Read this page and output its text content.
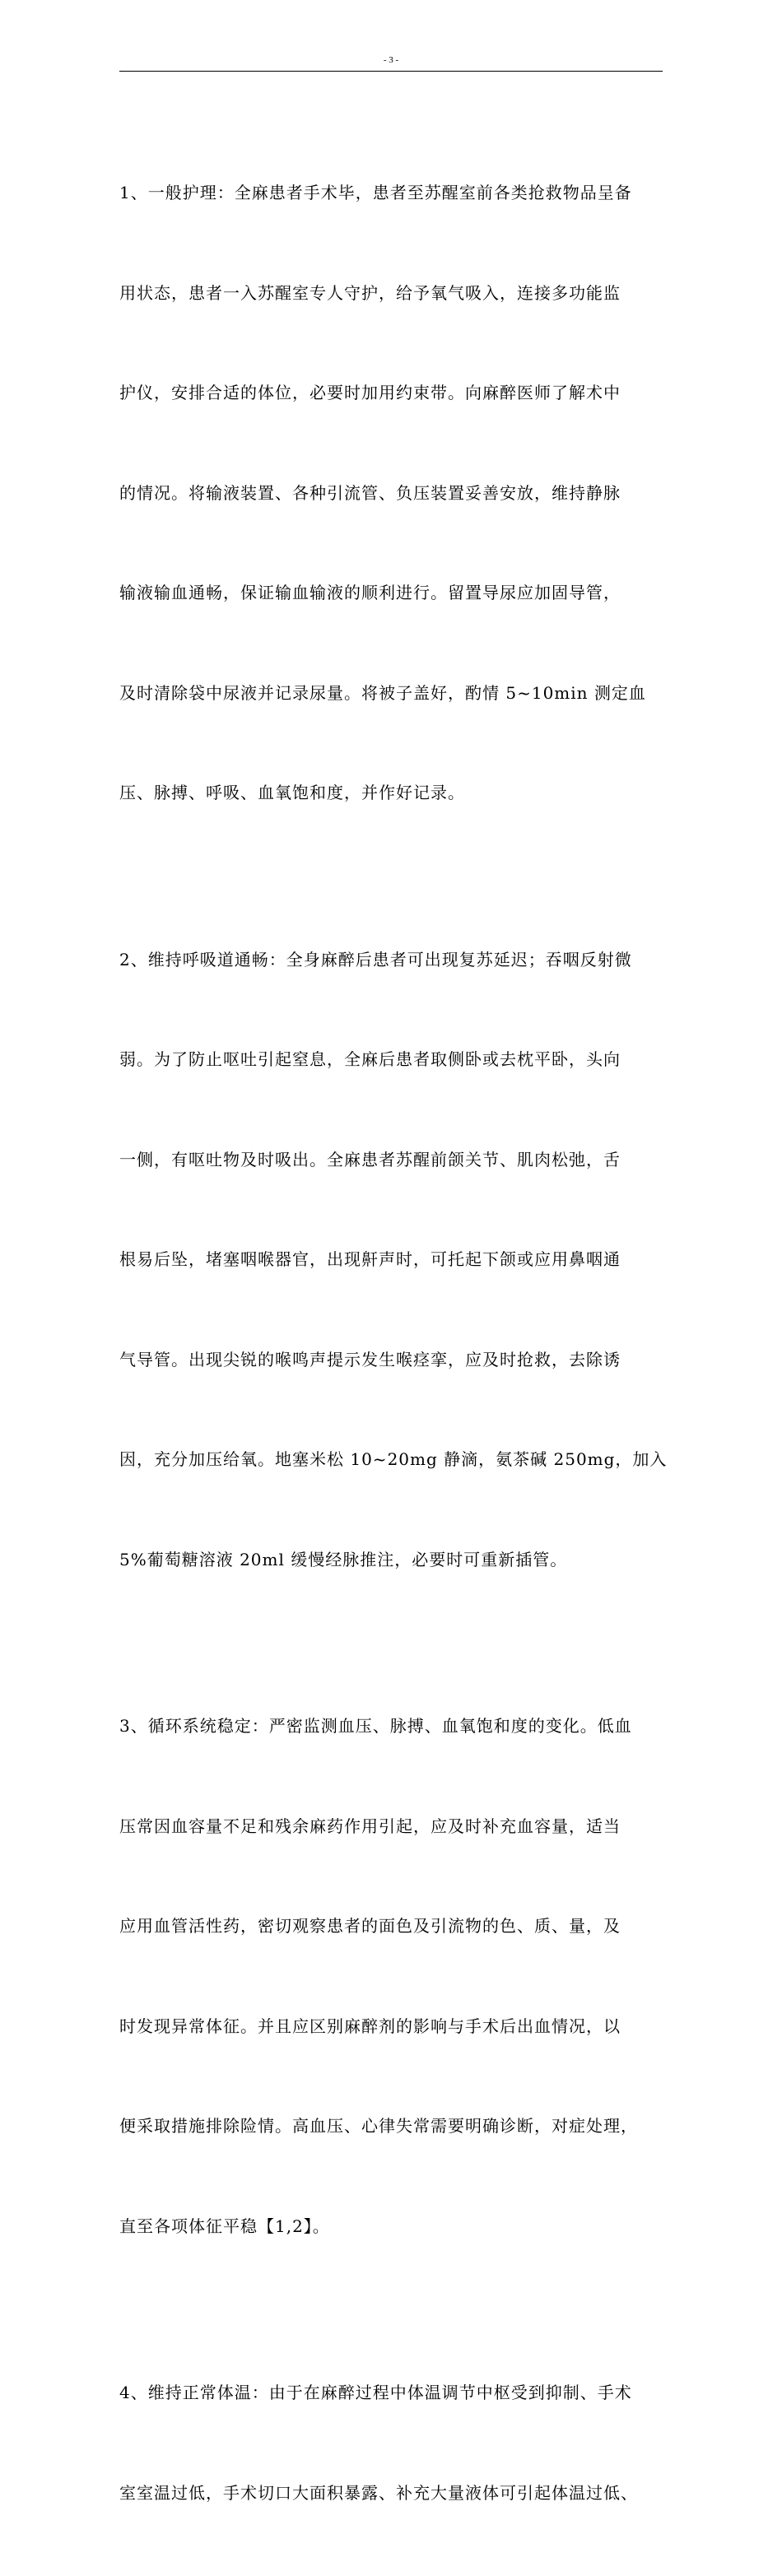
- 3 -

1、一般护理：全麻患者手术毕，患者至苏醒室前各类抢救物品呈备

用状态，患者一入苏醒室专人守护，给予氧气吸入，连接多功能监

护仪，安排合适的体位，必要时加用约束带。向麻醉医师了解术中

的情况。将输液装置、各种引流管、负压装置妥善安放，维持静脉

输液输血通畅，保证输血输液的顺利进行。留置导尿应加固导管，

及时清除袋中尿液并记录尿量。将被子盖好，酌情 5~10min 测定血

压、脉搏、呼吸、血氧饱和度，并作好记录。

2、维持呼吸道通畅：全身麻醉后患者可出现复苏延迟；吞咽反射微

弱。为了防止呕吐引起窒息，全麻后患者取侧卧或去枕平卧，头向

一侧，有呕吐物及时吸出。全麻患者苏醒前颌关节、肌肉松弛，舌

根易后坠，堵塞咽喉器官，出现鼾声时，可托起下颌或应用鼻咽通

气导管。出现尖锐的喉鸣声提示发生喉痉挛，应及时抢救，去除诱

因，充分加压给氧。地塞米松 10~20mg 静滴，氨茶碱 250mg，加入

5%葡萄糖溶液 20ml 缓慢经脉推注，必要时可重新插管。

3、循环系统稳定：严密监测血压、脉搏、血氧饱和度的变化。低血

压常因血容量不足和残余麻药作用引起，应及时补充血容量，适当

应用血管活性药，密切观察患者的面色及引流物的色、质、量，及

时发现异常体征。并且应区别麻醉剂的影响与手术后出血情况，以

便采取措施排除险情。高血压、心律失常需要明确诊断，对症处理，

直至各项体征平稳【1,2】。

4、维持正常体温：由于在麻醉过程中体温调节中枢受到抑制、手术

室室温过低，手术切口大面积暴露、补充大量液体可引起体温过低、
